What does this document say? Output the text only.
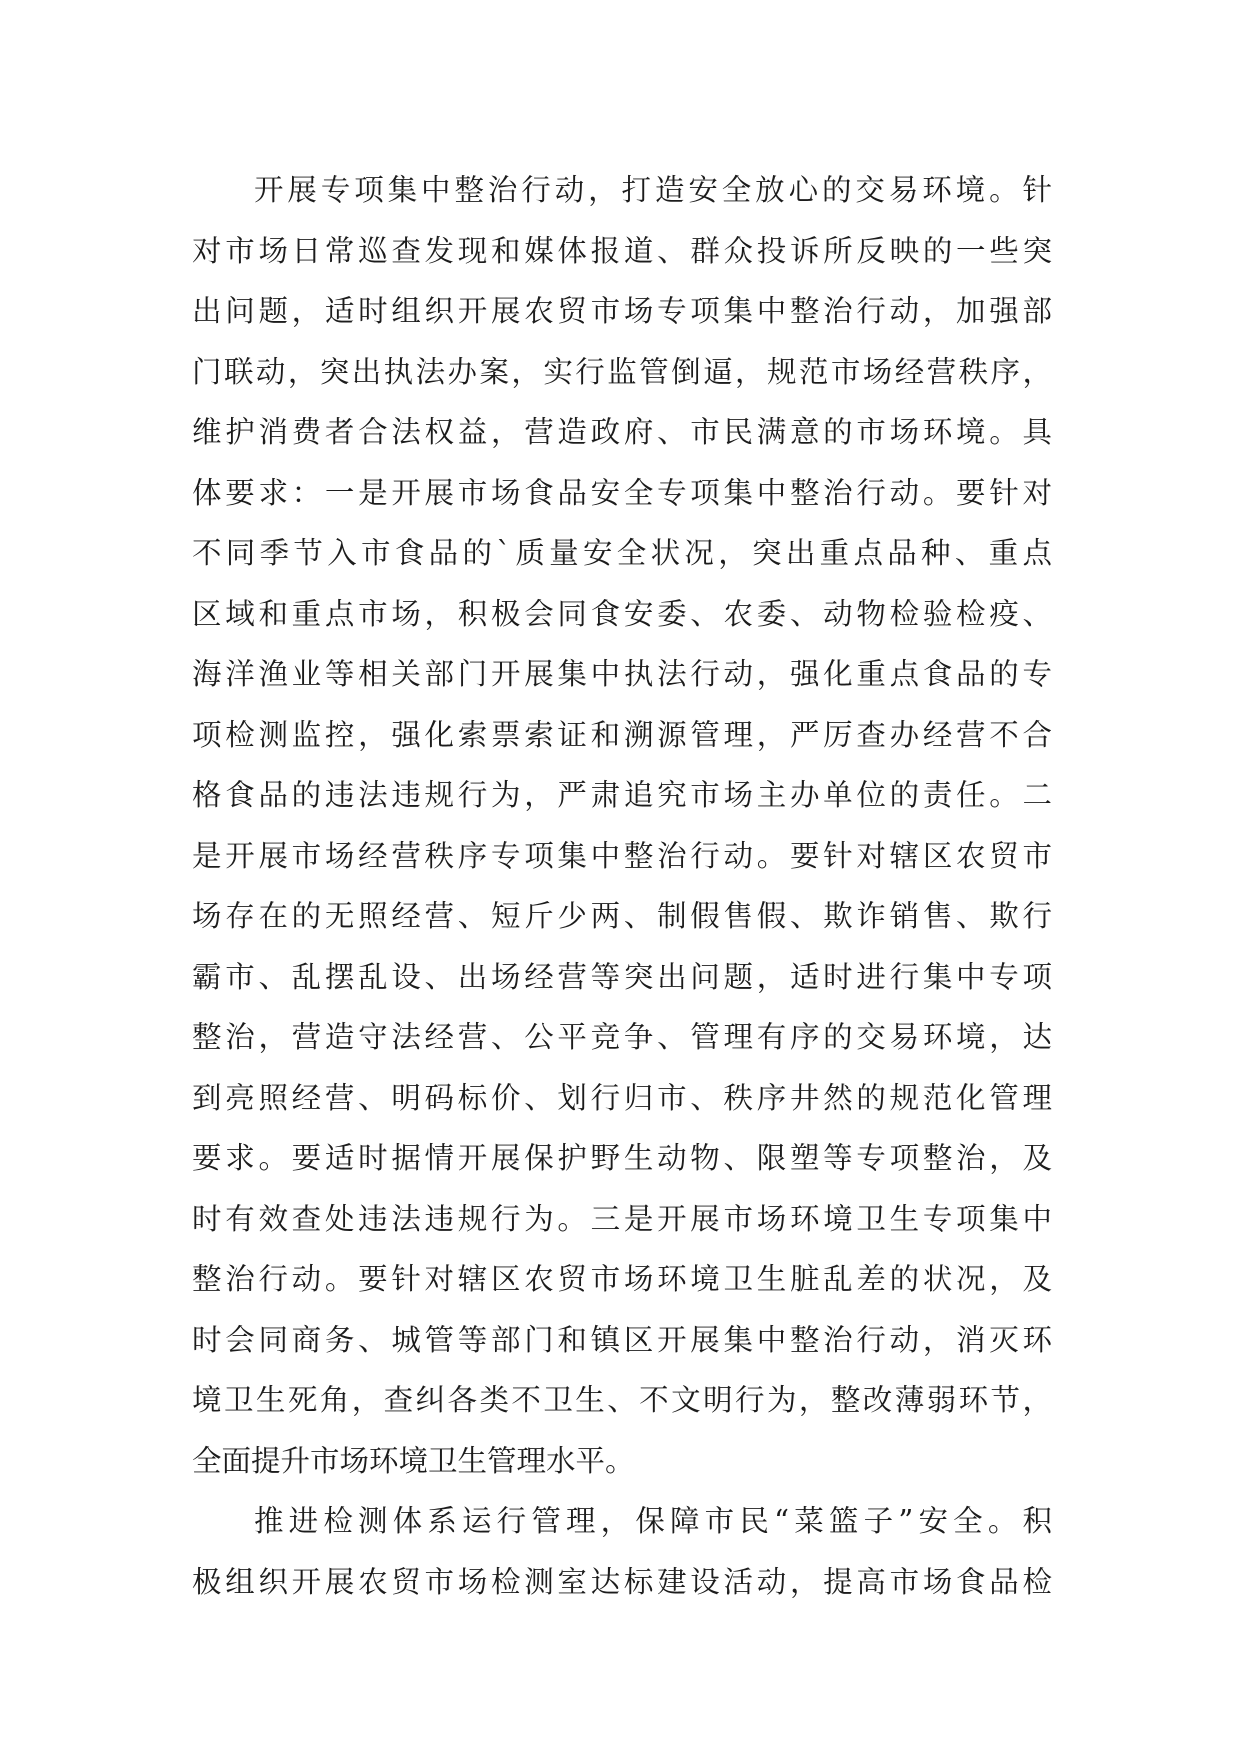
开展专项集中整治行动，打造安全放心的交易环境。针
对市场日常巡查发现和媒体报道、群众投诉所反映的一些突
出问题，适时组织开展农贸市场专项集中整治行动，加强部
门联动，突出执法办案，实行监管倒逼，规范市场经营秩序，
维护消费者合法权益，营造政府、市民满意的市场环境。具
体要求：一是开展市场食品安全专项集中整治行动。要针对
不同季节入市食品的`质量安全状况，突出重点品种、重点
区域和重点市场，积极会同食安委、农委、动物检验检疫、
海洋渔业等相关部门开展集中执法行动，强化重点食品的专
项检测监控，强化索票索证和溯源管理，严厉查办经营不合
格食品的违法违规行为，严肃追究市场主办单位的责任。二
是开展市场经营秩序专项集中整治行动。要针对辖区农贸市
场存在的无照经营、短斤少两、制假售假、欺诈销售、欺行
霸市、乱摆乱设、出场经营等突出问题，适时进行集中专项
整治，营造守法经营、公平竞争、管理有序的交易环境，达
到亮照经营、明码标价、划行归市、秩序井然的规范化管理
要求。要适时据情开展保护野生动物、限塑等专项整治，及
时有效查处违法违规行为。三是开展市场环境卫生专项集中
整治行动。要针对辖区农贸市场环境卫生脏乱差的状况，及
时会同商务、城管等部门和镇区开展集中整治行动，消灭环
境卫生死角，查纠各类不卫生、不文明行为，整改薄弱环节，
全面提升市场环境卫生管理水平。
推进检测体系运行管理，保障市民“菜篮子”安全。积
极组织开展农贸市场检测室达标建设活动，提高市场食品检
